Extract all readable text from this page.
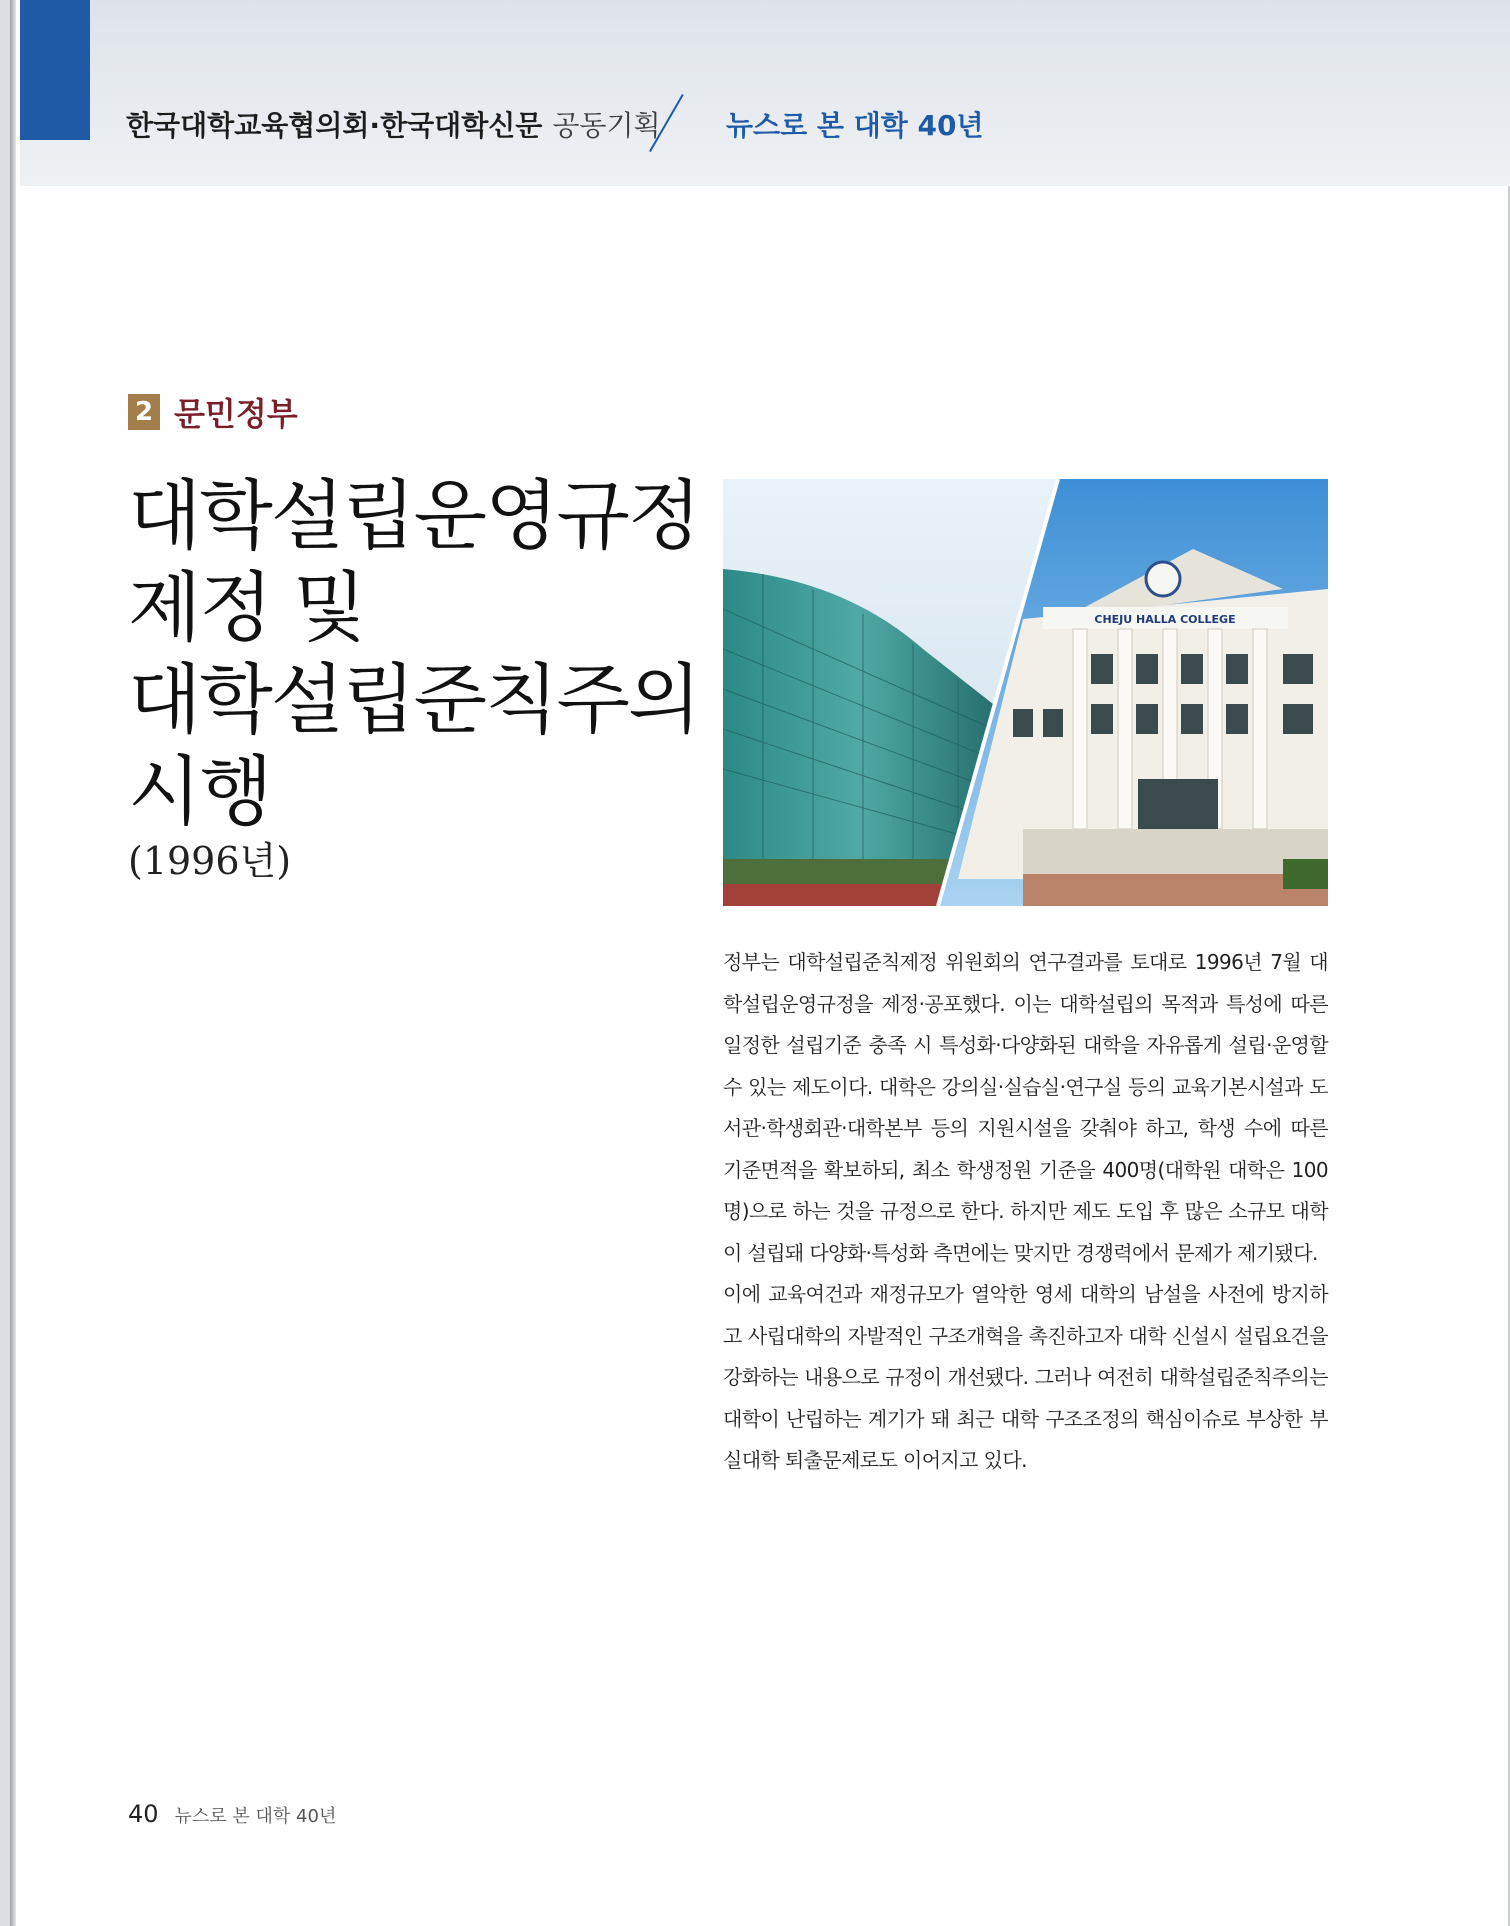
한국대학교육협의회·한국대학신문 공동기획 뉴스로 본 대학 40년
2 문민정부
대학설립운영규정
제정 및
대학설립준칙주의
시행
(1996년)
CHEJU HALLA COLLEGE

정부는 대학설립준칙제정 위원회의 연구결과를 토대로 1996년 7월 대학설립운영규정을 제정·공포했다. 이는 대학설립의 목적과 특성에 따른 일정한 설립기준 충족 시 특성화·다양화된 대학을 자유롭게 설립·운영할 수 있는 제도이다. 대학은 강의실·실습실·연구실 등의 교육기본시설과 도서관·학생회관·대학본부 등의 지원시설을 갖춰야 하고, 학생 수에 따른 기준면적을 확보하되, 최소 학생정원 기준을 400명(대학원 대학은 100명)으로 하는 것을 규정으로 한다. 하지만 제도 도입 후 많은 소규모 대학이 설립돼 다양화·특성화 측면에는 맞지만 경쟁력에서 문제가 제기됐다.

이에 교육여건과 재정규모가 열악한 영세 대학의 남설을 사전에 방지하고 사립대학의 자발적인 구조개혁을 촉진하고자 대학 신설시 설립요건을 강화하는 내용으로 규정이 개선됐다. 그러나 여전히 대학설립준칙주의는 대학이 난립하는 계기가 돼 최근 대학 구조조정의 핵심이슈로 부상한 부실대학 퇴출문제로도 이어지고 있다.

40 뉴스로 본 대학 40년
